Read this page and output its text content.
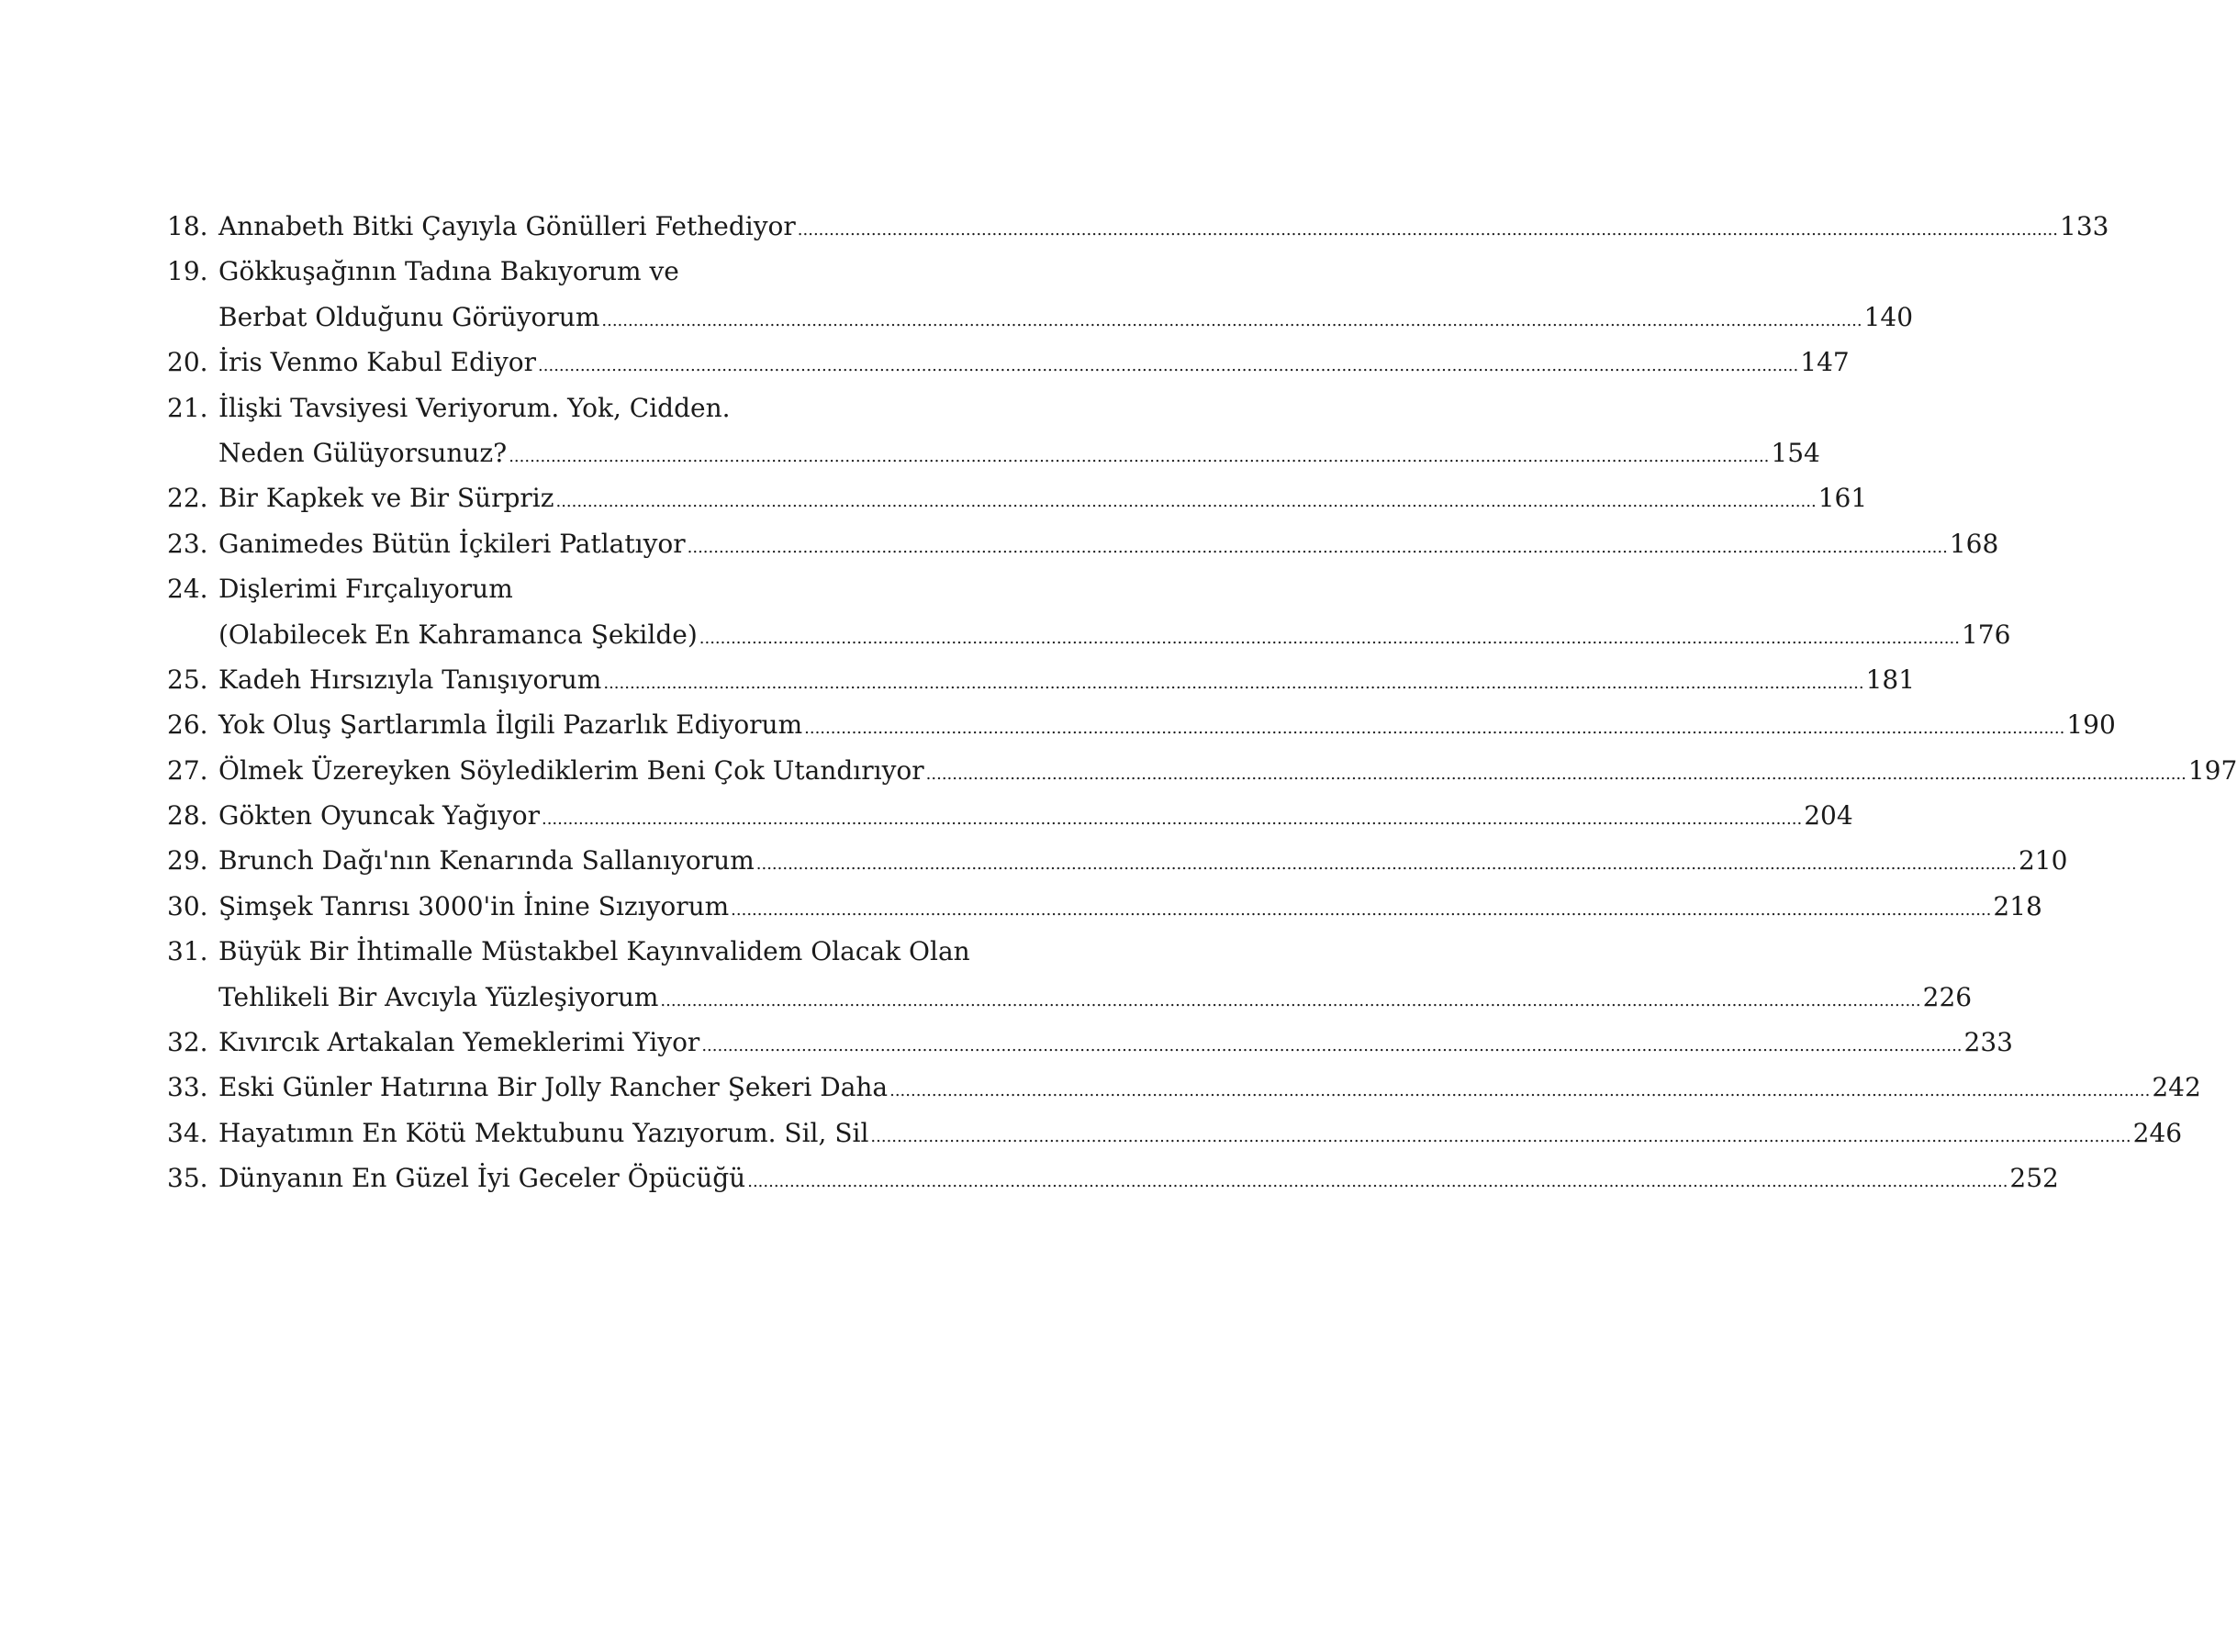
18. Annabeth Bitki Çayıyla Gönülleri Fethediyor .....	133
19. Gökkuşağının Tadına Bakıyorum ve
Berbat Olduğunu Görüyorum .....	140
20. İris Venmo Kabul Ediyor .....	147
21. İlişki Tavsiyesi Veriyorum. Yok, Cidden.
Neden Gülüyorsunuz? .....	154
22. Bir Kapkek ve Bir Sürpriz .....	161
23. Ganimedes Bütün İçkileri Patlatıyor .....	168
24. Dişlerimi Fırçalıyorum
(Olabilecek En Kahramanca Şekilde) .....	176
25. Kadeh Hırsızıyla Tanışıyorum .....	181
26. Yok Oluş Şartlarımla İlgili Pazarlık Ediyorum .....	190
27. Ölmek Üzereyken Söylediklerim Beni Çok Utandırıyor .....	197
28. Gökten Oyuncak Yağıyor .....	204
29. Brunch Dağı'nın Kenarında Sallanıyorum .....	210
30. Şimşek Tanrısı 3000'in İnine Sızıyorum .....	218
31. Büyük Bir İhtimalle Müstakbel Kayınvalidem Olacak Olan
Tehlikeli Bir Avcıyla Yüzleşiyorum .....	226
32. Kıvırcık Artakalan Yemeklerimi Yiyor .....	233
33. Eski Günler Hatırına Bir Jolly Rancher Şekeri Daha .....	242
34. Hayatımın En Kötü Mektubunu Yazıyorum. Sil, Sil .....	246
35. Dünyanın En Güzel İyi Geceler Öpücüğü .....	252
